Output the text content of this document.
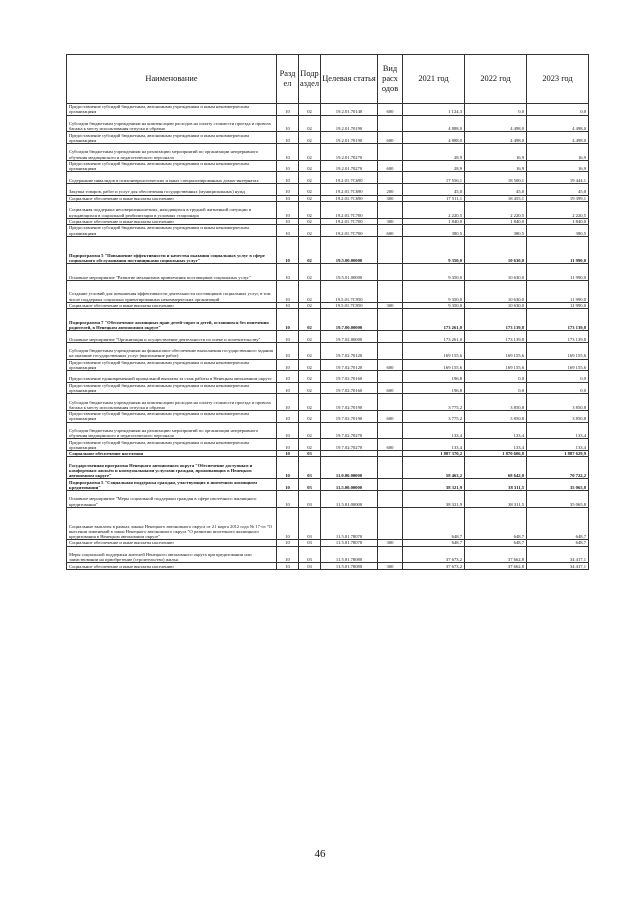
Наименование	Разд ел	Подр аздел	Целевая статья	Вид расх одов	2021 год	2022 год	2023 год
Предоставление субсидий бюджетным, автономным учреждениям и иным некоммерческим организациям	10	02	19.2.01.70140	600	1 124,3	0,0	0,0
Субсидии бюджетным учреждениям на компенсацию расходов на оплату стоимости проезда и провоза багажа к месту использования отпуска и обратно	10	02	19.2.01.70190		4 888,0	4 498,0	4 498,0
Предоставление субсидий бюджетным, автономным учреждениям и иным некоммерческим организациям	10	02	19.2.01.70190	600	4 888,0	4 498,0	4 498,0
Субсидии бюджетным учреждениям на реализацию мероприятий по организации непрерывного обучения медицинского и педагогического персонала	10	02	19.2.01.70270		28,9	16,9	16,9
Предоставление субсидий бюджетным, автономным учреждениям и иным некоммерческим организациям	10	02	19.2.01.70270	600	28,9	16,9	16,9
Содержание инвалидов в психоневрологических и иных специализированных домах-интернатах	10	02	19.2.01.7С690		17 556,1	18 500,1	19 444,1
Закупка товаров, работ и услуг для обеспечения государственных (муниципальных) нужд	10	02	19.2.01.7С690	200	45,0	45,0	45,0
Социальное обеспечение и иные выплаты населению	10	02	19.2.01.7С690	300	17 511,1	18 455,1	19 399,1
Социальная поддержка несовершеннолетних, находящихся в трудной жизненной ситуации и нуждающихся в социальной реабилитации в условиях стационара	10	02	19.2.01.7С700		2 220,5	2 220,5	2 220,5
Социальное обеспечение и иные выплаты населению	10	02	19.2.01.7С700	300	1 840,0	1 840,0	1 840,0
Предоставление субсидий бюджетным, автономным учреждениям и иным некоммерческим организациям	10	02	19.2.01.7С700	600	380,5	380,5	380,5
Подпрограмма 5 "Повышение эффективности и качества оказания социальных услуг в сфере социального обслуживания поставщиками социальных услуг"	10	02	19.5.00.00000		9 350,0	10 630,0	11 990,0
Основное мероприятие "Развитие механизмов привлечения поставщиков социальных услуг"	10	02	19.5.01.00000		9 350,0	10 630,0	11 990,0
Создание условий для повышения эффективности деятельности поставщиков социальных услуг, в том числе поддержка социально ориентированных некоммерческих организаций	10	02	19.5.01.7С950		9 350,0	10 630,0	11 990,0
Социальное обеспечение и иные выплаты населению	10	02	19.5.01.7С950	300	9 350,0	10 630,0	11 990,0
Подпрограмма 7 "Обеспечение жилищных прав детей-сирот и детей, оставшихся без попечения родителей, в Ненецком автономном округе"	10	02	19.7.00.00000		173 261,0	173 139,8	173 139,8
Основное мероприятие "Организация и осуществление деятельности по опеке и попечительству"	10	02	19.7.02.00000		173 261,0	173 139,8	173 139,8
Субсидии бюджетным учреждениям на финансовое обеспечение выполнения государственного задания на оказание государственных услуг (выполнение работ)	10	02	19.7.02.70120		169 155,6	169 155,6	169 155,6
Предоставление субсидий бюджетным, автономным учреждениям и иным некоммерческим организациям	10	02	19.7.02.70120	600	169 155,6	169 155,6	169 155,6
Предоставление единовременной прощальной выплаты за стаж работы в Ненецком автономном округе	10	02	19.7.02.70160		196,8	0,0	0,0
Предоставление субсидий бюджетным, автономным учреждениям и иным некоммерческим организациям	10	02	19.7.02.70160	600	196,8	0,0	0,0
Субсидии бюджетным учреждениям на компенсацию расходов на оплату стоимости проезда и провоза багажа к месту использования отпуска и обратно	10	02	19.7.02.70190		3 775,2	3 850,8	3 850,8
Предоставление субсидий бюджетным, автономным учреждениям и иным некоммерческим организациям	10	02	19.7.02.70190	600	3 775,2	3 850,8	3 850,8
Субсидии бюджетным учреждениям на реализацию мероприятий по организации непрерывного обучения медицинского и педагогического персонала	10	02	19.7.02.70270		133,4	133,4	133,4
Предоставление субсидий бюджетным, автономным учреждениям и иным некоммерческим организациям	10	02	19.7.02.70270	600	133,4	133,4	133,4
Социальное обеспечение населения	10	03			1 887 370,2	1 870 606,8	1 887 629,9
Государственная программа Ненецкого автономного округа "Обеспечение доступным и комфортным жильём и коммунальными услугами граждан, проживающих в Ненецком автономном округе"	10	03	11.0.00.00000		58 463,2	68 642,0	70 722,2
Подпрограмма 5 "Социальная поддержка граждан, участвующих в ипотечном жилищном кредитовании"	10	03	11.5.00.00000		38 321,9	38 311,5	35 065,8
Основное мероприятие "Меры социальной поддержки граждан в сфере ипотечного жилищного кредитования"	10	03	11.5.01.00000		38 321,9	38 311,5	35 065,8
Социальные выплаты в рамках закона Ненецкого автономного округа от 21 марта 2012 года № 17-оз "О внесении изменений в закон Ненецкого автономного округа "О развитии ипотечного жилищного кредитования в Ненецком автономном округе"	10	03	11.5.01.78070		648,7	648,7	648,7
Социальное обеспечение и иные выплаты населению	10	03	11.5.01.78070	300	648,7	648,7	648,7
Меры социальной поддержки жителей Ненецкого автономного округа при кредитовании или заимствовании на приобретение (строительство) жилья	10	03	11.5.01.78080		37 673,2	37 662,8	34 417,1
Социальное обеспечение и иные выплаты населению	10	03	11.5.01.78080	300	37 673,2	37 662,8	34 417,1
46
